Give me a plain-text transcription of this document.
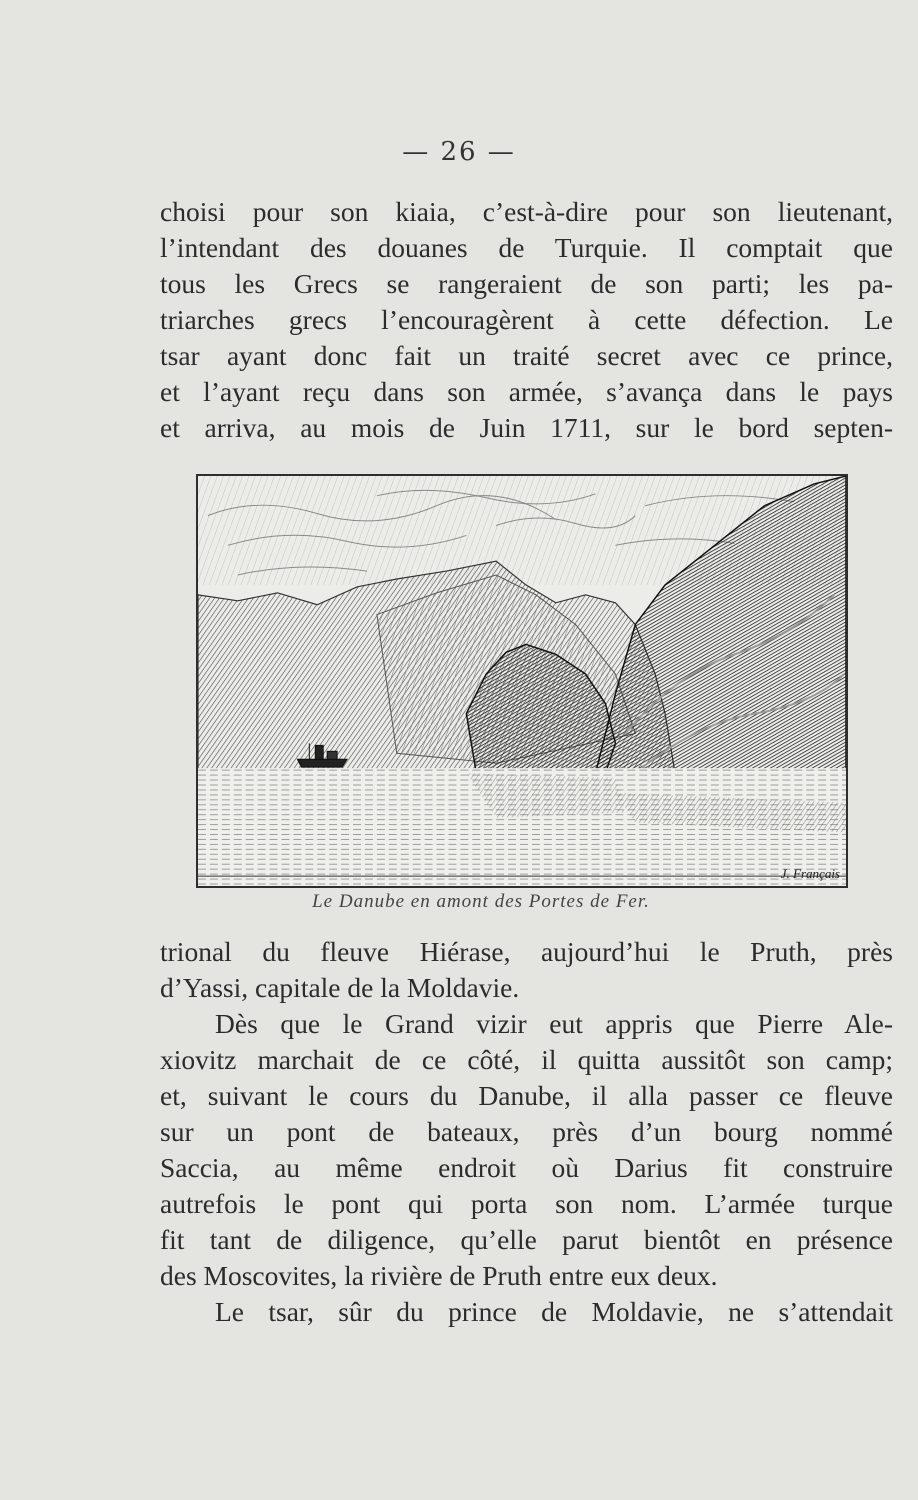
— 26 —
choisi pour son kiaia, c’est-à-dire pour son lieutenant,
l’intendant des douanes de Turquie. Il comptait que
tous les Grecs se rangeraient de son parti; les pa-
triarches grecs l’encouragèrent à cette défection. Le
tsar ayant donc fait un traité secret avec ce prince,
et l’ayant reçu dans son armée, s’avança dans le pays
et arriva, au mois de Juin 1711, sur le bord septen-
J. Français
Le Danube en amont des Portes de Fer.
trional du fleuve Hiérase, aujourd’hui le Pruth, près
d’Yassi, capitale de la Moldavie.
Dès que le Grand vizir eut appris que Pierre Ale-
xiovitz marchait de ce côté, il quitta aussitôt son camp;
et, suivant le cours du Danube, il alla passer ce fleuve
sur un pont de bateaux, près d’un bourg nommé
Saccia, au même endroit où Darius fit construire
autrefois le pont qui porta son nom. L’armée turque
fit tant de diligence, qu’elle parut bientôt en présence
des Moscovites, la rivière de Pruth entre eux deux.
Le tsar, sûr du prince de Moldavie, ne s’attendait
